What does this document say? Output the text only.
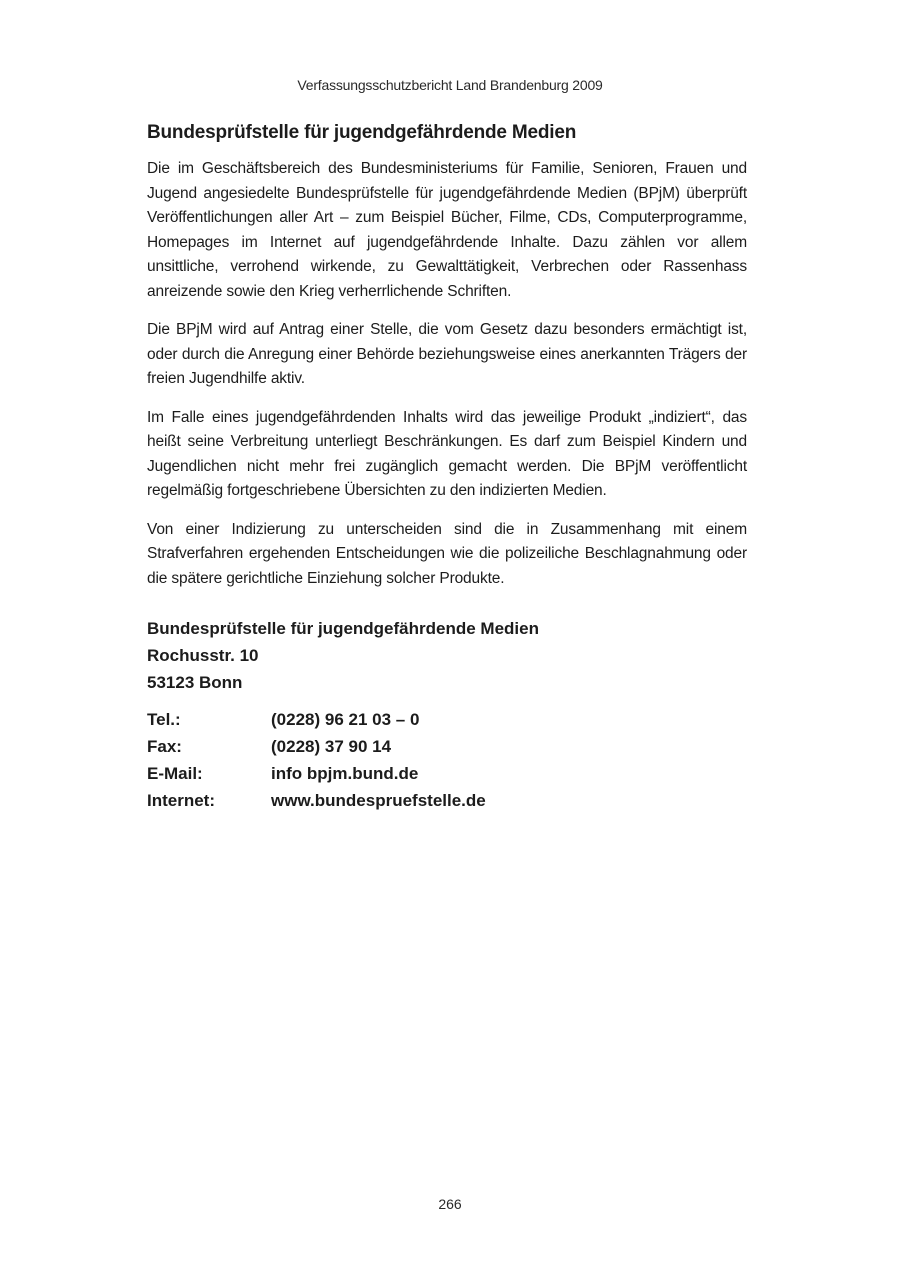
Verfassungsschutzbericht Land Brandenburg 2009
Bundesprüfstelle für jugendgefährdende Medien

Die im Geschäftsbereich des Bundesministeriums für Familie, Senioren, Frauen und Jugend angesiedelte Bundesprüfstelle für jugendgefährdende Medien (BPjM) überprüft Veröffentlichungen aller Art – zum Beispiel Bücher, Filme, CDs, Computerprogramme, Homepages im Internet auf jugendgefährdende Inhalte. Dazu zählen vor allem unsittliche, verrohend wirkende, zu Gewalttätigkeit, Verbrechen oder Rassenhass anreizende sowie den Krieg verherrlichende Schriften.

Die BPjM wird auf Antrag einer Stelle, die vom Gesetz dazu besonders ermächtigt ist, oder durch die Anregung einer Behörde beziehungsweise eines anerkannten Trägers der freien Jugendhilfe aktiv.

Im Falle eines jugendgefährdenden Inhalts wird das jeweilige Produkt „indiziert“, das heißt seine Verbreitung unterliegt Beschränkungen. Es darf zum Beispiel Kindern und Jugendlichen nicht mehr frei zugänglich gemacht werden. Die BPjM veröffentlicht regelmäßig fortgeschriebene Übersichten zu den indizierten Medien.

Von einer Indizierung zu unterscheiden sind die in Zusammenhang mit einem Strafverfahren ergehenden Entscheidungen wie die polizeiliche Beschlagnahmung oder die spätere gerichtliche Einziehung solcher Produkte.

Bundesprüfstelle für jugendgefährdende Medien
Rochusstr. 10
53123 Bonn
Tel.:	(0228) 96 21 03 – 0
Fax:	(0228) 37 90 14
E-Mail:	info bpjm.bund.de
Internet:	www.bundespruefstelle.de
266
